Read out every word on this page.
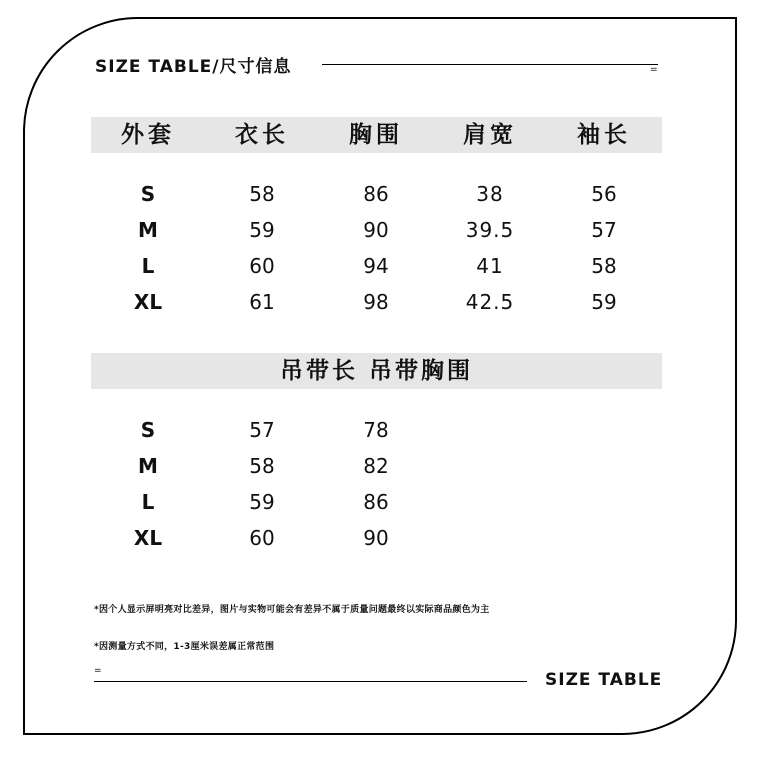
SIZE TABLE/尺寸信息	=
外套	衣长	胸围	肩宽	袖长
S	58	86	38	56
M	59	90	39.5	57
L	60	94	41	58
XL	61	98	42.5	59
吊带长 吊带胸围
S	57	78
M	58	82
L	59	86
XL	60	90
*因个人显示屏明亮对比差异，图片与实物可能会有差异不属于质量问题最终以实际商品颜色为主
*因测量方式不同，1-3厘米误差属正常范围
=	SIZE TABLE
